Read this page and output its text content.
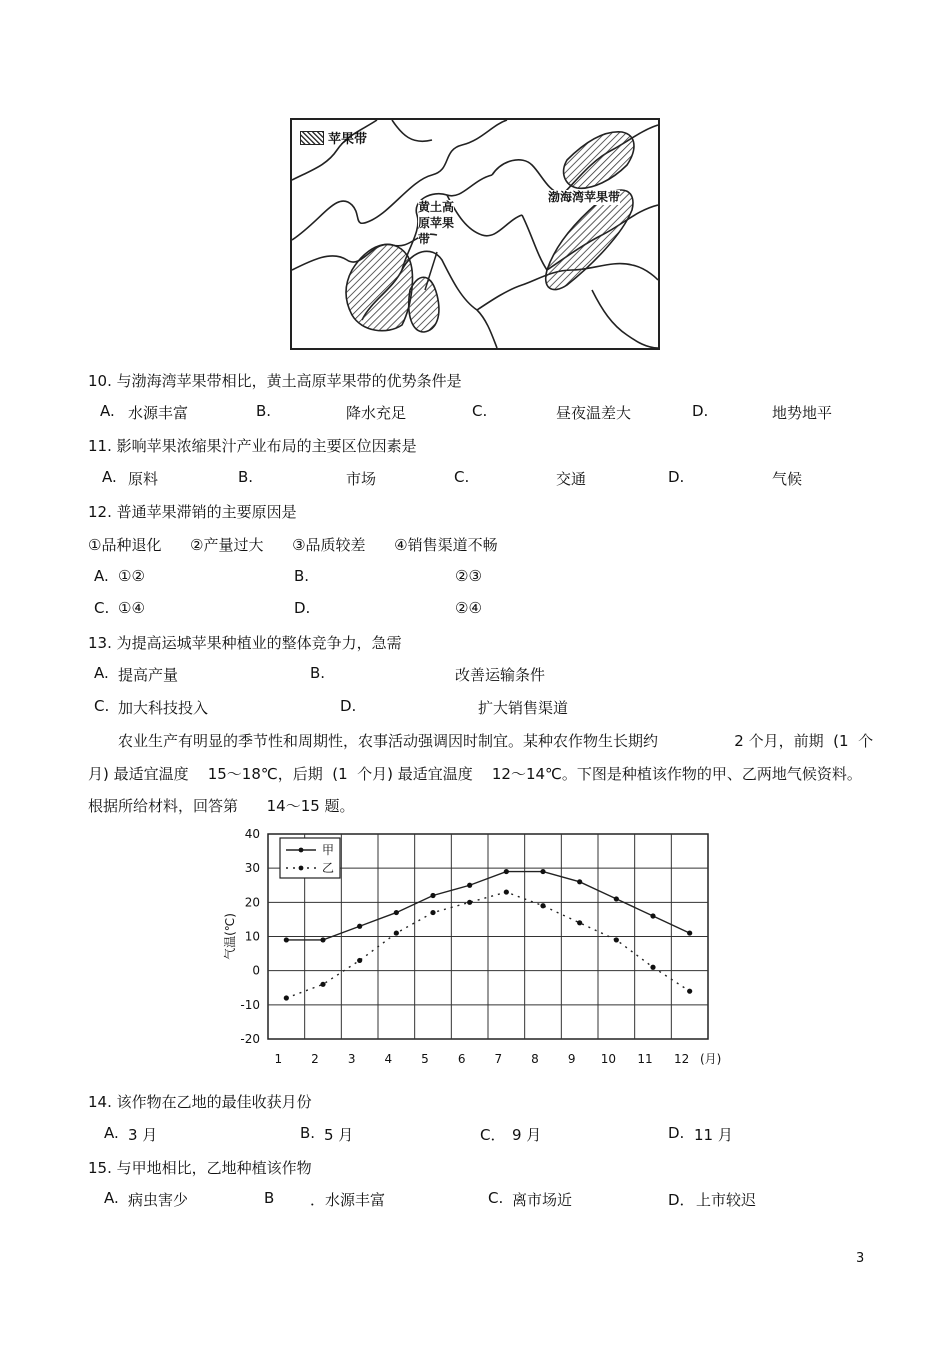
苹果带
渤海湾苹果带
黄土高
原苹果
带
10. 与渤海湾苹果带相比，黄土高原苹果带的优势条件是
A. 水源丰富	B.	降水充足	C.	昼夜温差大	D.	地势地平
11. 影响苹果浓缩果汁产业布局的主要区位因素是
A. 原料	B.	市场	C.	交通	D.	气候
12. 普通苹果滞销的主要原因是
①品种退化      ②产量过大      ③品质较差      ④销售渠道不畅
A. ①②	B.	②③
C. ①④	D.	②④
13. 为提高运城苹果种植业的整体竞争力，急需
A. 提高产量	B.	改善运输条件
C. 加大科技投入	D.	扩大销售渠道
农业生产有明显的季节性和周期性，农事活动强调因时制宜。某种农作物生长期约                2 个月，前期  (1  个
月) 最适宜温度    15～18℃，后期  (1  个月) 最适宜温度    12～14℃。下图是种植该作物的甲、乙两地气候资料。
根据所给材料，回答第      14～15 题。
40
30
20
10
0
-10
-20
1 2 3 4 5 6 7 8 9 10 11 12 (月)
气温(℃)
甲
乙
14. 该作物在乙地的最佳收获月份
A. 3 月	B. 5 月	C． 9 月	D. 11 月
15. 与甲地相比，乙地种植该作物
A. 病虫害少	B ．水源丰富	C. 离市场近	D． 上市较迟
3
